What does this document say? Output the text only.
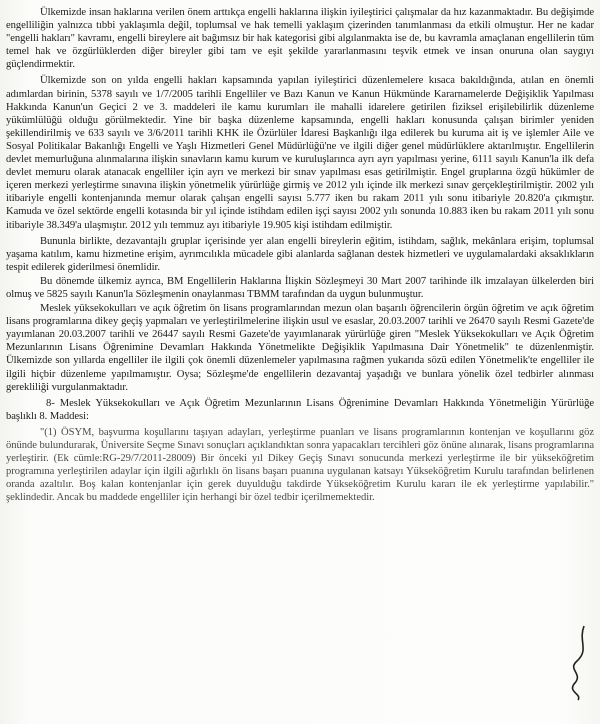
Ülkemizde insan haklarına verilen önem arttıkça engelli haklarına ilişkin iyileştirici çalışmalar da hız kazanmaktadır. Bu değişimde engelliliğin yalnızca tıbbi yaklaşımla değil, toplumsal ve hak temelli yaklaşım çizerinden tanımlanması da etkili olmuştur. Her ne kadar "engelli hakları" kavramı, engelli bireylere ait bağımsız bir hak kategorisi gibi algılanmakta ise de, bu kavramla amaçlanan engellilerin tüm temel hak ve özgürlüklerden diğer bireyler gibi tam ve eşit şekilde yararlanmasını teşvik etmek ve insan onuruna olan saygıyı güçlendirmektir.

Ülkemizde son on yılda engelli hakları kapsamında yapılan iyileştirici düzenlemelere kısaca bakıldığında, atılan en önemli adımlardan birinin, 5378 sayılı ve 1/7/2005 tarihli Engelliler ve Bazı Kanun ve Kanun Hükmünde Kararnamelerde Değişiklik Yapılması Hakkında Kanun'un Geçici 2 ve 3. maddeleri ile kamu kurumları ile mahalli idarelere getirilen fiziksel erişilebilirlik düzenleme yükümlülüğü olduğu görülmektedir. Yine bir başka düzenleme kapsamında, engelli hakları konusunda çalışan birimler yeniden şekillendirilmiş ve 633 sayılı ve 3/6/2011 tarihli KHK ile Özürlüler İdaresi Başkanlığı ilga edilerek bu kuruma ait iş ve işlemler Aile ve Sosyal Politikalar Bakanlığı Engelli ve Yaşlı Hizmetleri Genel Müdürlüğü'ne ve ilgili diğer genel müdürlüklere aktarılmıştır. Engellilerin devlet memurluğuna alınmalarına ilişkin sınavların kamu kurum ve kuruluşlarınca ayrı ayrı yapılması yerine, 6111 sayılı Kanun'la ilk defa devlet memuru olarak atanacak engelliler için ayrı ve merkezi bir sınav yapılması esas getirilmiştir. Engel gruplarına özgü hükümler de içeren merkezi yerleştirme sınavına ilişkin yönetmelik yürürlüğe girmiş ve 2012 yılı içinde ilk merkezi sınav gerçekleştirilmiştir. 2002 yılı itibariyle engelli kontenjanında memur olarak çalışan engelli sayısı 5.777 iken bu rakam 2011 yılı sonu itibariyle 20.820'a çıkmıştır. Kamuda ve özel sektörde engelli kotasında bir yıl içinde istihdam edilen işçi sayısı 2002 yılı sonunda 10.883 iken bu rakam 2011 yılı sonu itibariyle 38.349'a ulaşmıştır. 2012 yılı temmuz ayı itibariyle 19.905 kişi istihdam edilmiştir.

Bununla birlikte, dezavantajlı gruplar içerisinde yer alan engelli bireylerin eğitim, istihdam, sağlık, mekânlara erişim, toplumsal yaşama katılım, kamu hizmetine erişim, ayrımcılıkla mücadele gibi alanlarda sağlanan destek hizmetleri ve uygulamalardaki aksaklıkların tespit edilerek giderilmesi önemlidir.

Bu dönemde ülkemiz ayrıca, BM Engellilerin Haklarına İlişkin Sözleşmeyi 30 Mart 2007 tarihinde ilk imzalayan ülkelerden biri olmuş ve 5825 sayılı Kanun'la Sözleşmenin onaylanması TBMM tarafından da uygun bulunmuştur.

Meslek yüksekokulları ve açık öğretim ön lisans programlarından mezun olan başarılı öğrencilerin örgün öğretim ve açık öğretim lisans programlarına dikey geçiş yapmaları ve yerleştirilmelerine ilişkin usul ve esaslar, 20.03.2007 tarihli ve 26470 sayılı Resmi Gazete'de yayımlanan 20.03.2007 tarihli ve 26447 sayılı Resmi Gazete'de yayımlanarak yürürlüğe giren "Meslek Yüksekokulları ve Açık Öğretim Mezunlarının Lisans Öğrenimine Devamları Hakkında Yönetmelikte Değişiklik Yapılmasına Dair Yönetmelik" te düzenlenmiştir. Ülkemizde son yıllarda engelliler ile ilgili çok önemli düzenlemeler yapılmasına rağmen yukarıda sözü edilen Yönetmelik'te engelliler ile ilgili hiçbir düzenleme yapılmamıştır. Oysa; Sözleşme'de engellilerin dezavantaj yaşadığı ve bunlara yönelik özel tedbirler alınması gerekliliği vurgulanmaktadır.

8- Meslek Yüksekokulları ve Açık Öğretim Mezunlarının Lisans Öğrenimine Devamları Hakkında Yönetmeliğin Yürürlüğe başlıklı 8. Maddesi:

"(1) ÖSYM, başvurma koşullarını taşıyan adayları, yerleştirme puanları ve lisans programlarının kontenjan ve koşullarını göz önünde bulundurarak, Üniversite Seçme Sınavı sonuçları açıklandıktan sonra yapacakları tercihleri göz önüne alınarak, lisans programlarına yerleştirir. (Ek cümle:RG-29/7/2011-28009) Bir önceki yıl Dikey Geçiş Sınavı sonucunda merkezi yerleştirme ile bir yükseköğretim programına yerleştirilen adaylar için ilgili ağırlıklı ön lisans başarı puanına uygulanan katsayı Yükseköğretim Kurulu tarafından belirlenen oranda azaltılır. Boş kalan kontenjanlar için gerek duyulduğu takdirde Yükseköğretim Kurulu kararı ile ek yerleştirme yapılabilir." şeklindedir. Ancak bu maddede engelliler için herhangi bir özel tedbir içerilmemektedir.
